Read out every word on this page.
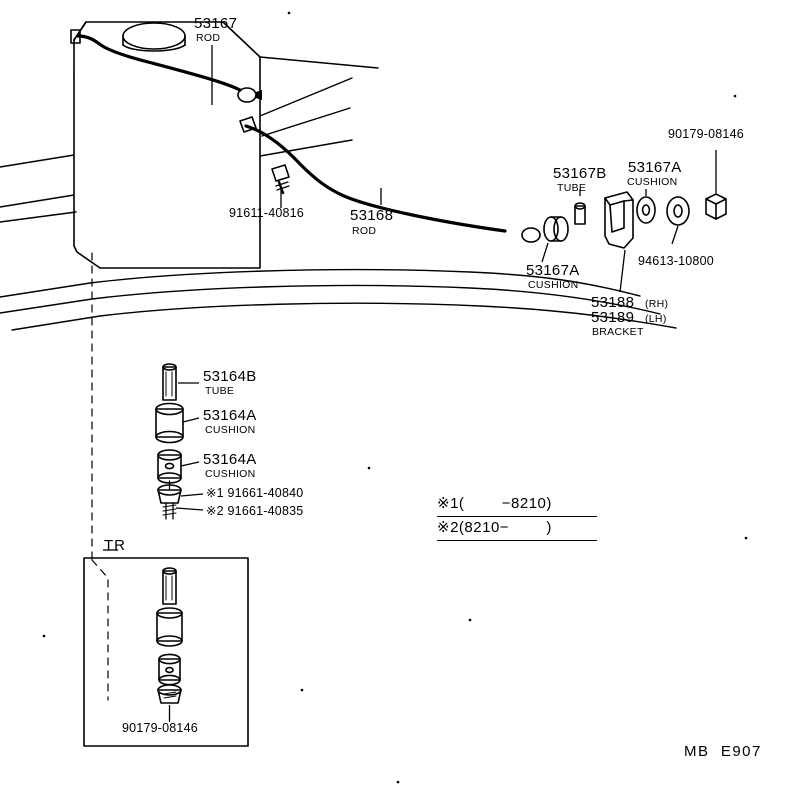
53167
ROD
91611-40816	53168
ROD
53167B
TUBE
53167A
CUSHION
90179-08146
94613-10800
53167A
CUSHION
53188 (RH)
53189 (LH)
BRACKET
53164B
TUBE
53164A
CUSHION
53164A
CUSHION
※1 91661-40840
※2 91661-40835	※1(        −8210)
※2(8210−        )
TR
90179-08146
MB  E907
